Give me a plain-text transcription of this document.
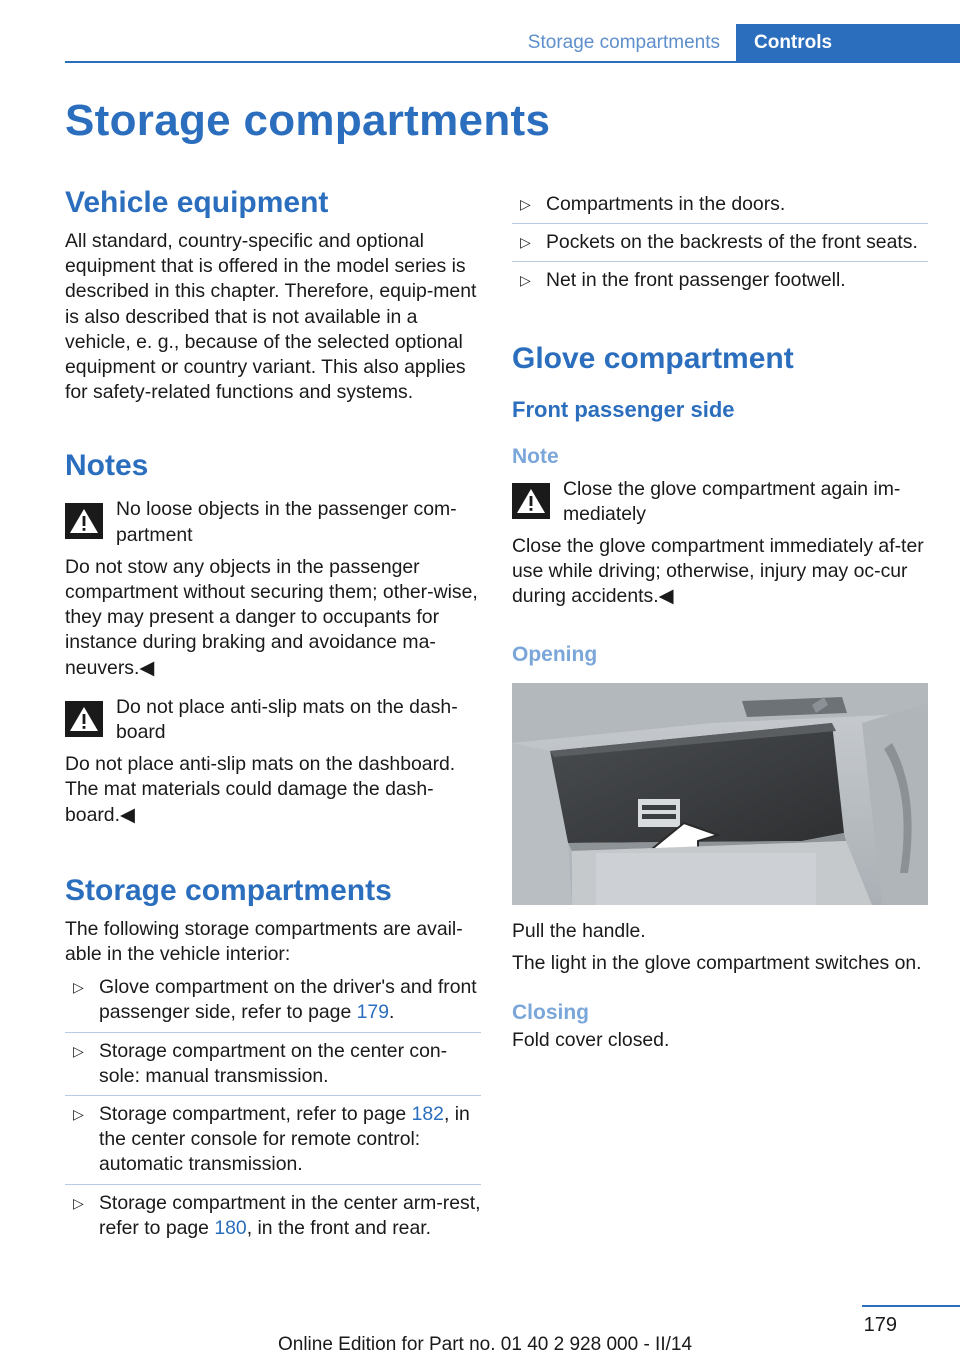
Storage compartments	Controls
Storage compartments
Vehicle equipment

All standard, country-specific and optional equipment that is offered in the model series is described in this chapter. Therefore, equip-ment is also described that is not available in a vehicle, e. g., because of the selected optional equipment or country variant. This also applies for safety-related functions and systems.

Notes
No loose objects in the passenger com-partment

Do not stow any objects in the passenger compartment without securing them; other-wise, they may present a danger to occupants for instance during braking and avoidance ma-neuvers.◀

Do not place anti-slip mats on the dash-board

Do not place anti-slip mats on the dashboard. The mat materials could damage the dash-board.◀

Storage compartments

The following storage compartments are avail-able in the vehicle interior:

▷ Glove compartment on the driver's and front passenger side, refer to page 179.
▷ Storage compartment on the center con-sole: manual transmission.
▷ Storage compartment, refer to page 182, in the center console for remote control: automatic transmission.
▷ Storage compartment in the center arm-rest, refer to page 180, in the front and rear.
▷ Compartments in the doors.
▷ Pockets on the backrests of the front seats.
▷ Net in the front passenger footwell.
Glove compartment
Front passenger side
Note
Close the glove compartment again im-mediately

Close the glove compartment immediately af-ter use while driving; otherwise, injury may oc-cur during accidents.◀

Opening

Pull the handle.

The light in the glove compartment switches on.

Closing

Fold cover closed.

179
Online Edition for Part no. 01 40 2 928 000 - II/14
